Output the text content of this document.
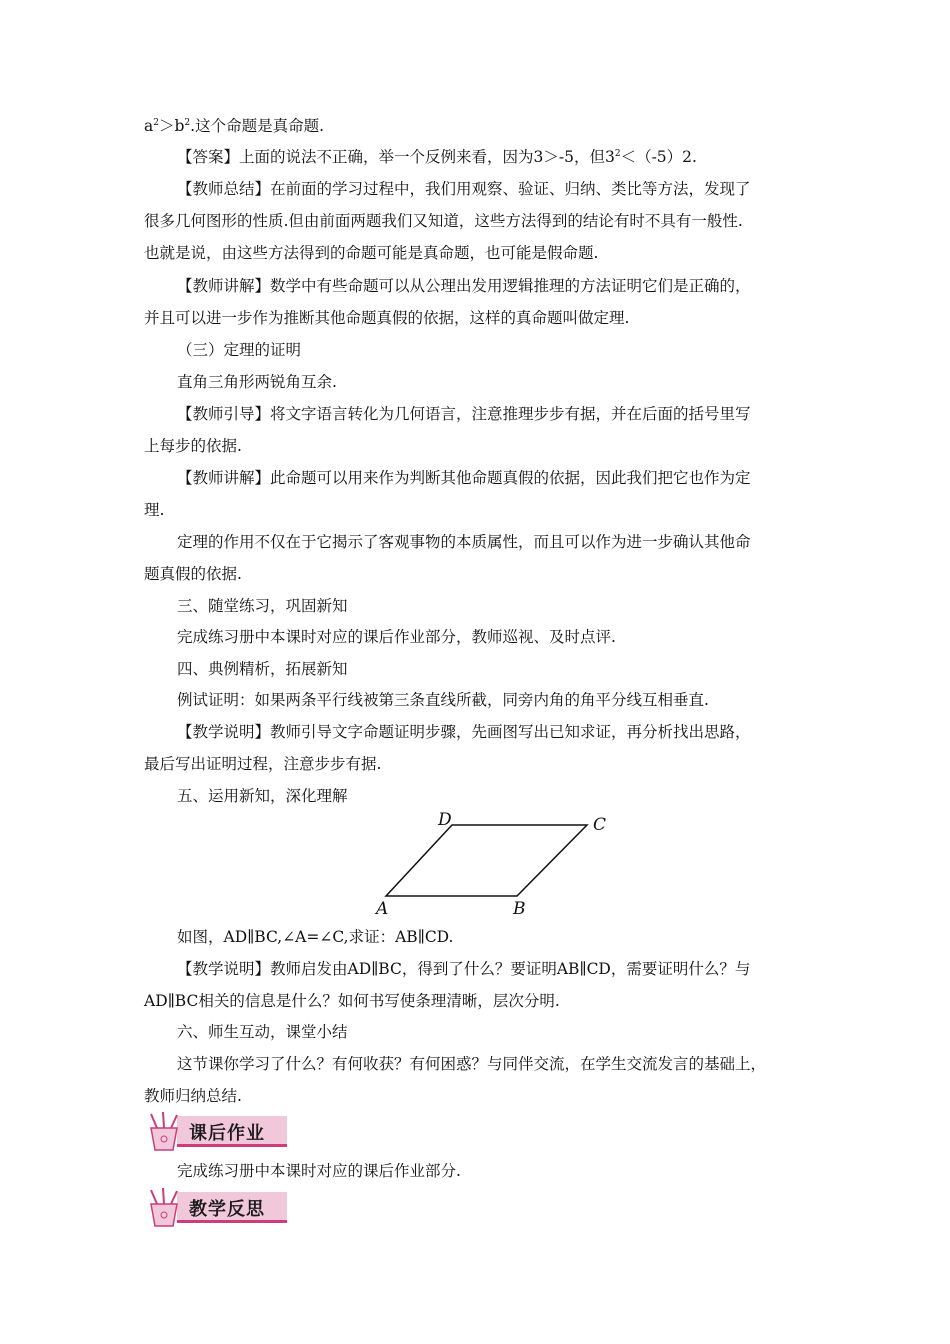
$a^2>b^2$.这个命题是真命题.
【答案】上面的说法不正确，举一个反例来看，因为3＞-5，但$3^2<(-5)2$.
【教师总结】在前面的学习过程中，我们用观察、验证、归纳、类比等方法，发现了
很多几何图形的性质.但由前面两题我们又知道，这些方法得到的结论有时不具有一般性.
也就是说，由这些方法得到的命题可能是真命题，也可能是假命题.
【教师讲解】数学中有些命题可以从公理出发用逻辑推理的方法证明它们是正确的，
并且可以进一步作为推断其他命题真假的依据，这样的真命题叫做定理.
（三）定理的证明
直角三角形两锐角互余.
【教师引导】将文字语言转化为几何语言，注意推理步步有据，并在后面的括号里写
上每步的依据.
【教师讲解】此命题可以用来作为判断其他命题真假的依据，因此我们把它也作为定
理.
定理的作用不仅在于它揭示了客观事物的本质属性，而且可以作为进一步确认其他命
题真假的依据.
三、随堂练习，巩固新知
完成练习册中本课时对应的课后作业部分，教师巡视、及时点评.
四、典例精析，拓展新知
例试证明：如果两条平行线被第三条直线所截，同旁内角的角平分线互相垂直.
【教学说明】教师引导文字命题证明步骤，先画图写出已知求证，再分析找出思路，
最后写出证明过程，注意步步有据.
五、运用新知，深化理解
D	C
A	B
如图，AD∥BC,∠A=∠C,求证：AB∥CD.
【教学说明】教师启发由AD∥BC，得到了什么？要证明AB∥CD，需要证明什么？与
AD∥BC相关的信息是什么？如何书写使条理清晰，层次分明.
六、师生互动，课堂小结
这节课你学习了什么？有何收获？有何困惑？与同伴交流，在学生交流发言的基础上，
教师归纳总结.
课后作业
完成练习册中本课时对应的课后作业部分.
教学反思
